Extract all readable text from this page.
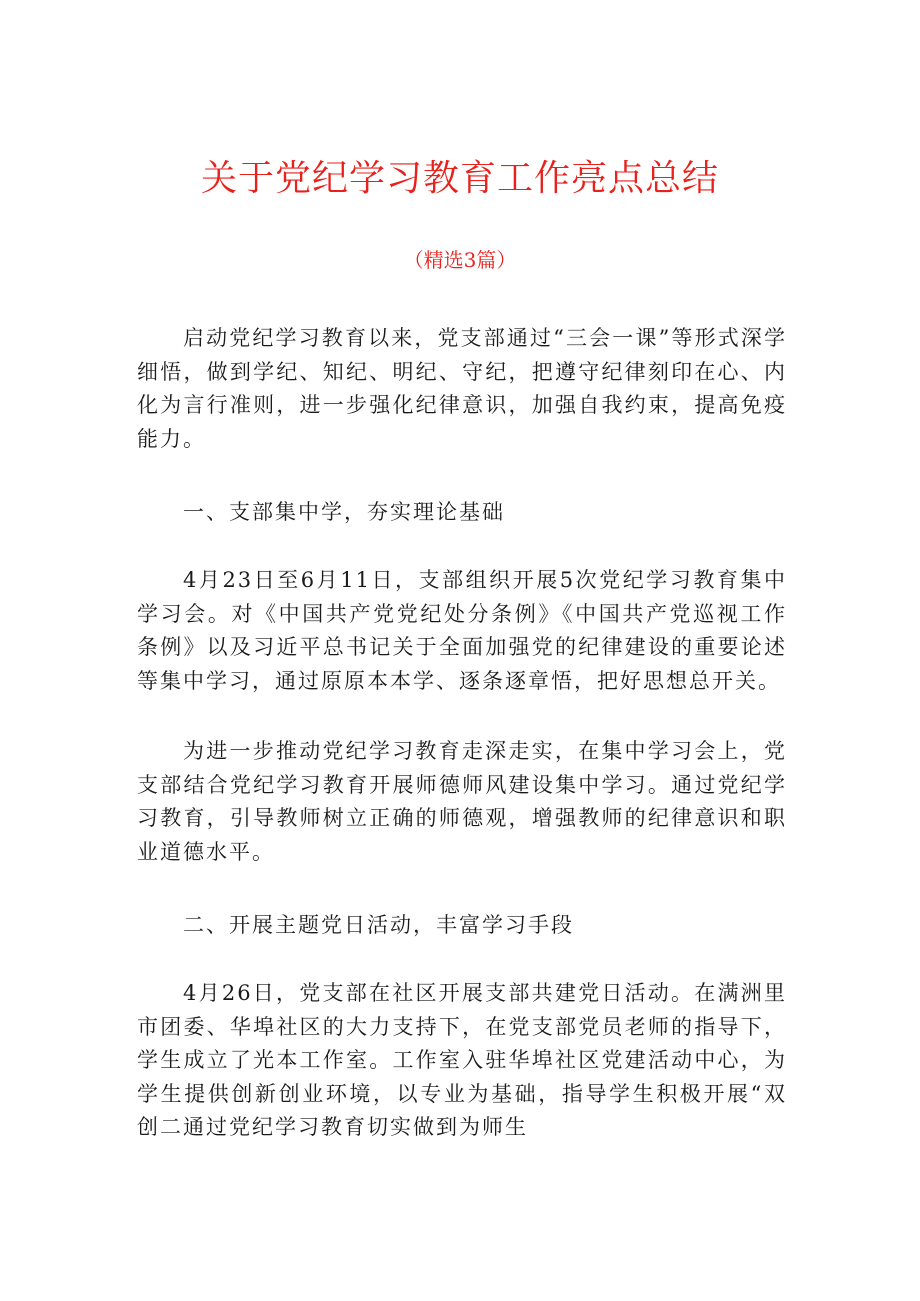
关于党纪学习教育工作亮点总结
（精选3篇）

启动党纪学习教育以来，党支部通过“三会一课”等形式深学细悟，做到学纪、知纪、明纪、守纪，把遵守纪律刻印在心、内化为言行准则，进一步强化纪律意识，加强自我约束，提高免疫能力。

一、支部集中学，夯实理论基础

4月23日至6月11日，支部组织开展5次党纪学习教育集中学习会。对《中国共产党党纪处分条例》《中国共产党巡视工作条例》以及习近平总书记关于全面加强党的纪律建设的重要论述等集中学习，通过原原本本学、逐条逐章悟，把好思想总开关。

为进一步推动党纪学习教育走深走实，在集中学习会上，党支部结合党纪学习教育开展师德师风建设集中学习。通过党纪学习教育，引导教师树立正确的师德观，增强教师的纪律意识和职业道德水平。

二、开展主题党日活动，丰富学习手段

4月26日，党支部在社区开展支部共建党日活动。在满洲里市团委、华埠社区的大力支持下，在党支部党员老师的指导下，学生成立了光本工作室。工作室入驻华埠社区党建活动中心，为学生提供创新创业环境，以专业为基础，指导学生积极开展“双创二通过党纪学习教育切实做到为师生
